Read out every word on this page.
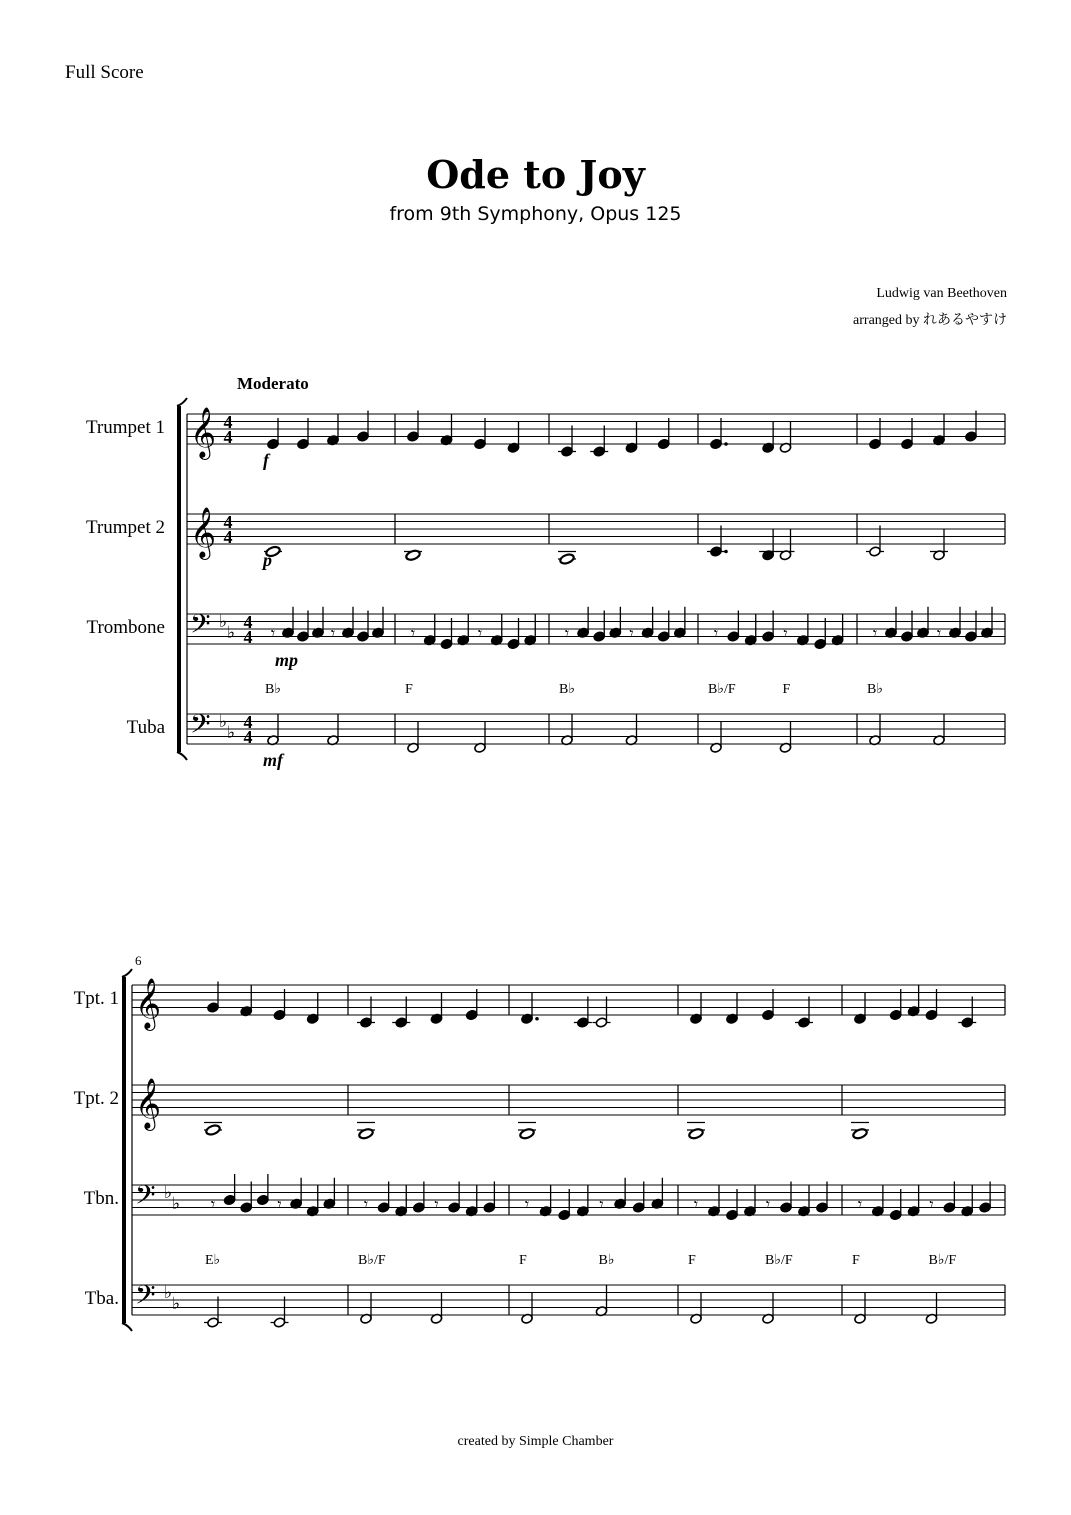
Full Score
Ode to Joy
from 9th Symphony, Opus 125
Ludwig van Beethoven
arranged by れあるやすけ
created by Simple Chamber
Moderato
Trumpet 1 𝄞 4
4
f
Trumpet 2 𝄞 4
4
p
Trombone 𝄢 ♭
♭
4
4 𝄾	𝄾	𝄾	𝄾	𝄾	𝄾	𝄾	𝄾	𝄾	𝄾
mp
B♭	F	B♭	B♭/F	F	B♭
Tuba 𝄢 ♭
♭
4
4
mf
6
Tpt. 1 𝄞
Tpt. 2 𝄞
Tbn. 𝄢 ♭
♭ 𝄾	𝄾	𝄾	𝄾	𝄾	𝄾	𝄾	𝄾	𝄾	𝄾
E♭	B♭/F	F	B♭	F	B♭/F	F	B♭/F
Tba. 𝄢 ♭
♭
